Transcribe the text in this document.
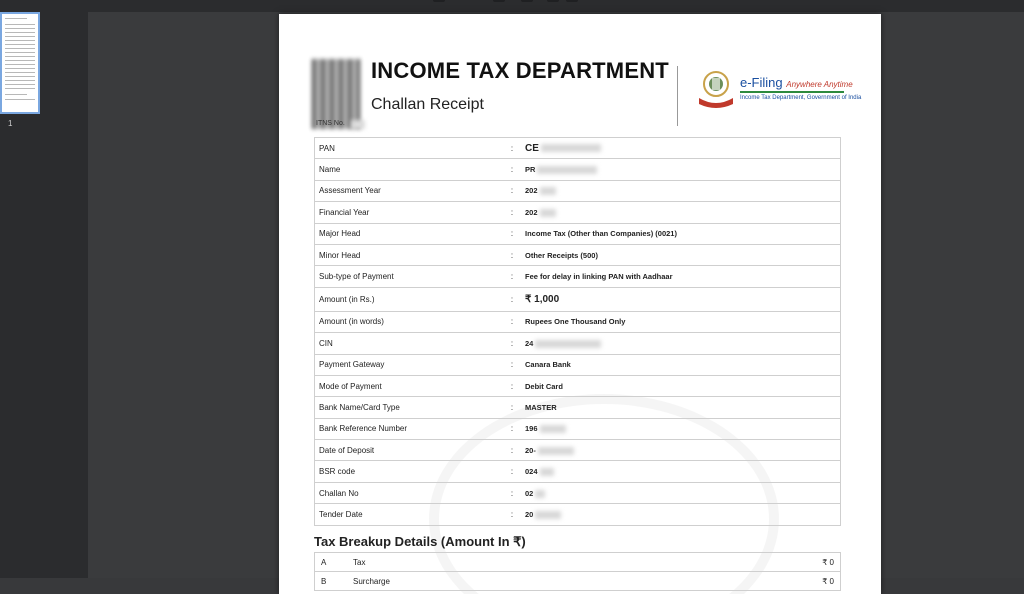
1	ITNS No.
INCOME TAX DEPARTMENT
Challan Receipt
e-Filing Anywhere Anytime
Income Tax Department, Government of India
PAN	:	CE
Name	:	PR
Assessment Year	:	202
Financial Year	:	202
Major Head	:	Income Tax (Other than Companies) (0021)
Minor Head	:	Other Receipts (500)
Sub-type of Payment	:	Fee for delay in linking PAN with Aadhaar
Amount (in Rs.)	:	₹ 1,000
Amount (in words)	:	Rupees One Thousand Only
CIN	:	24
Payment Gateway	:	Canara Bank
Mode of Payment	:	Debit Card
Bank Name/Card Type	:	MASTER
Bank Reference Number	:	196
Date of Deposit	:	20-
BSR code	:	024
Challan No	:	02
Tender Date	:	20
Tax Breakup Details (Amount In ₹)
A	Tax	₹ 0
B	Surcharge	₹ 0
